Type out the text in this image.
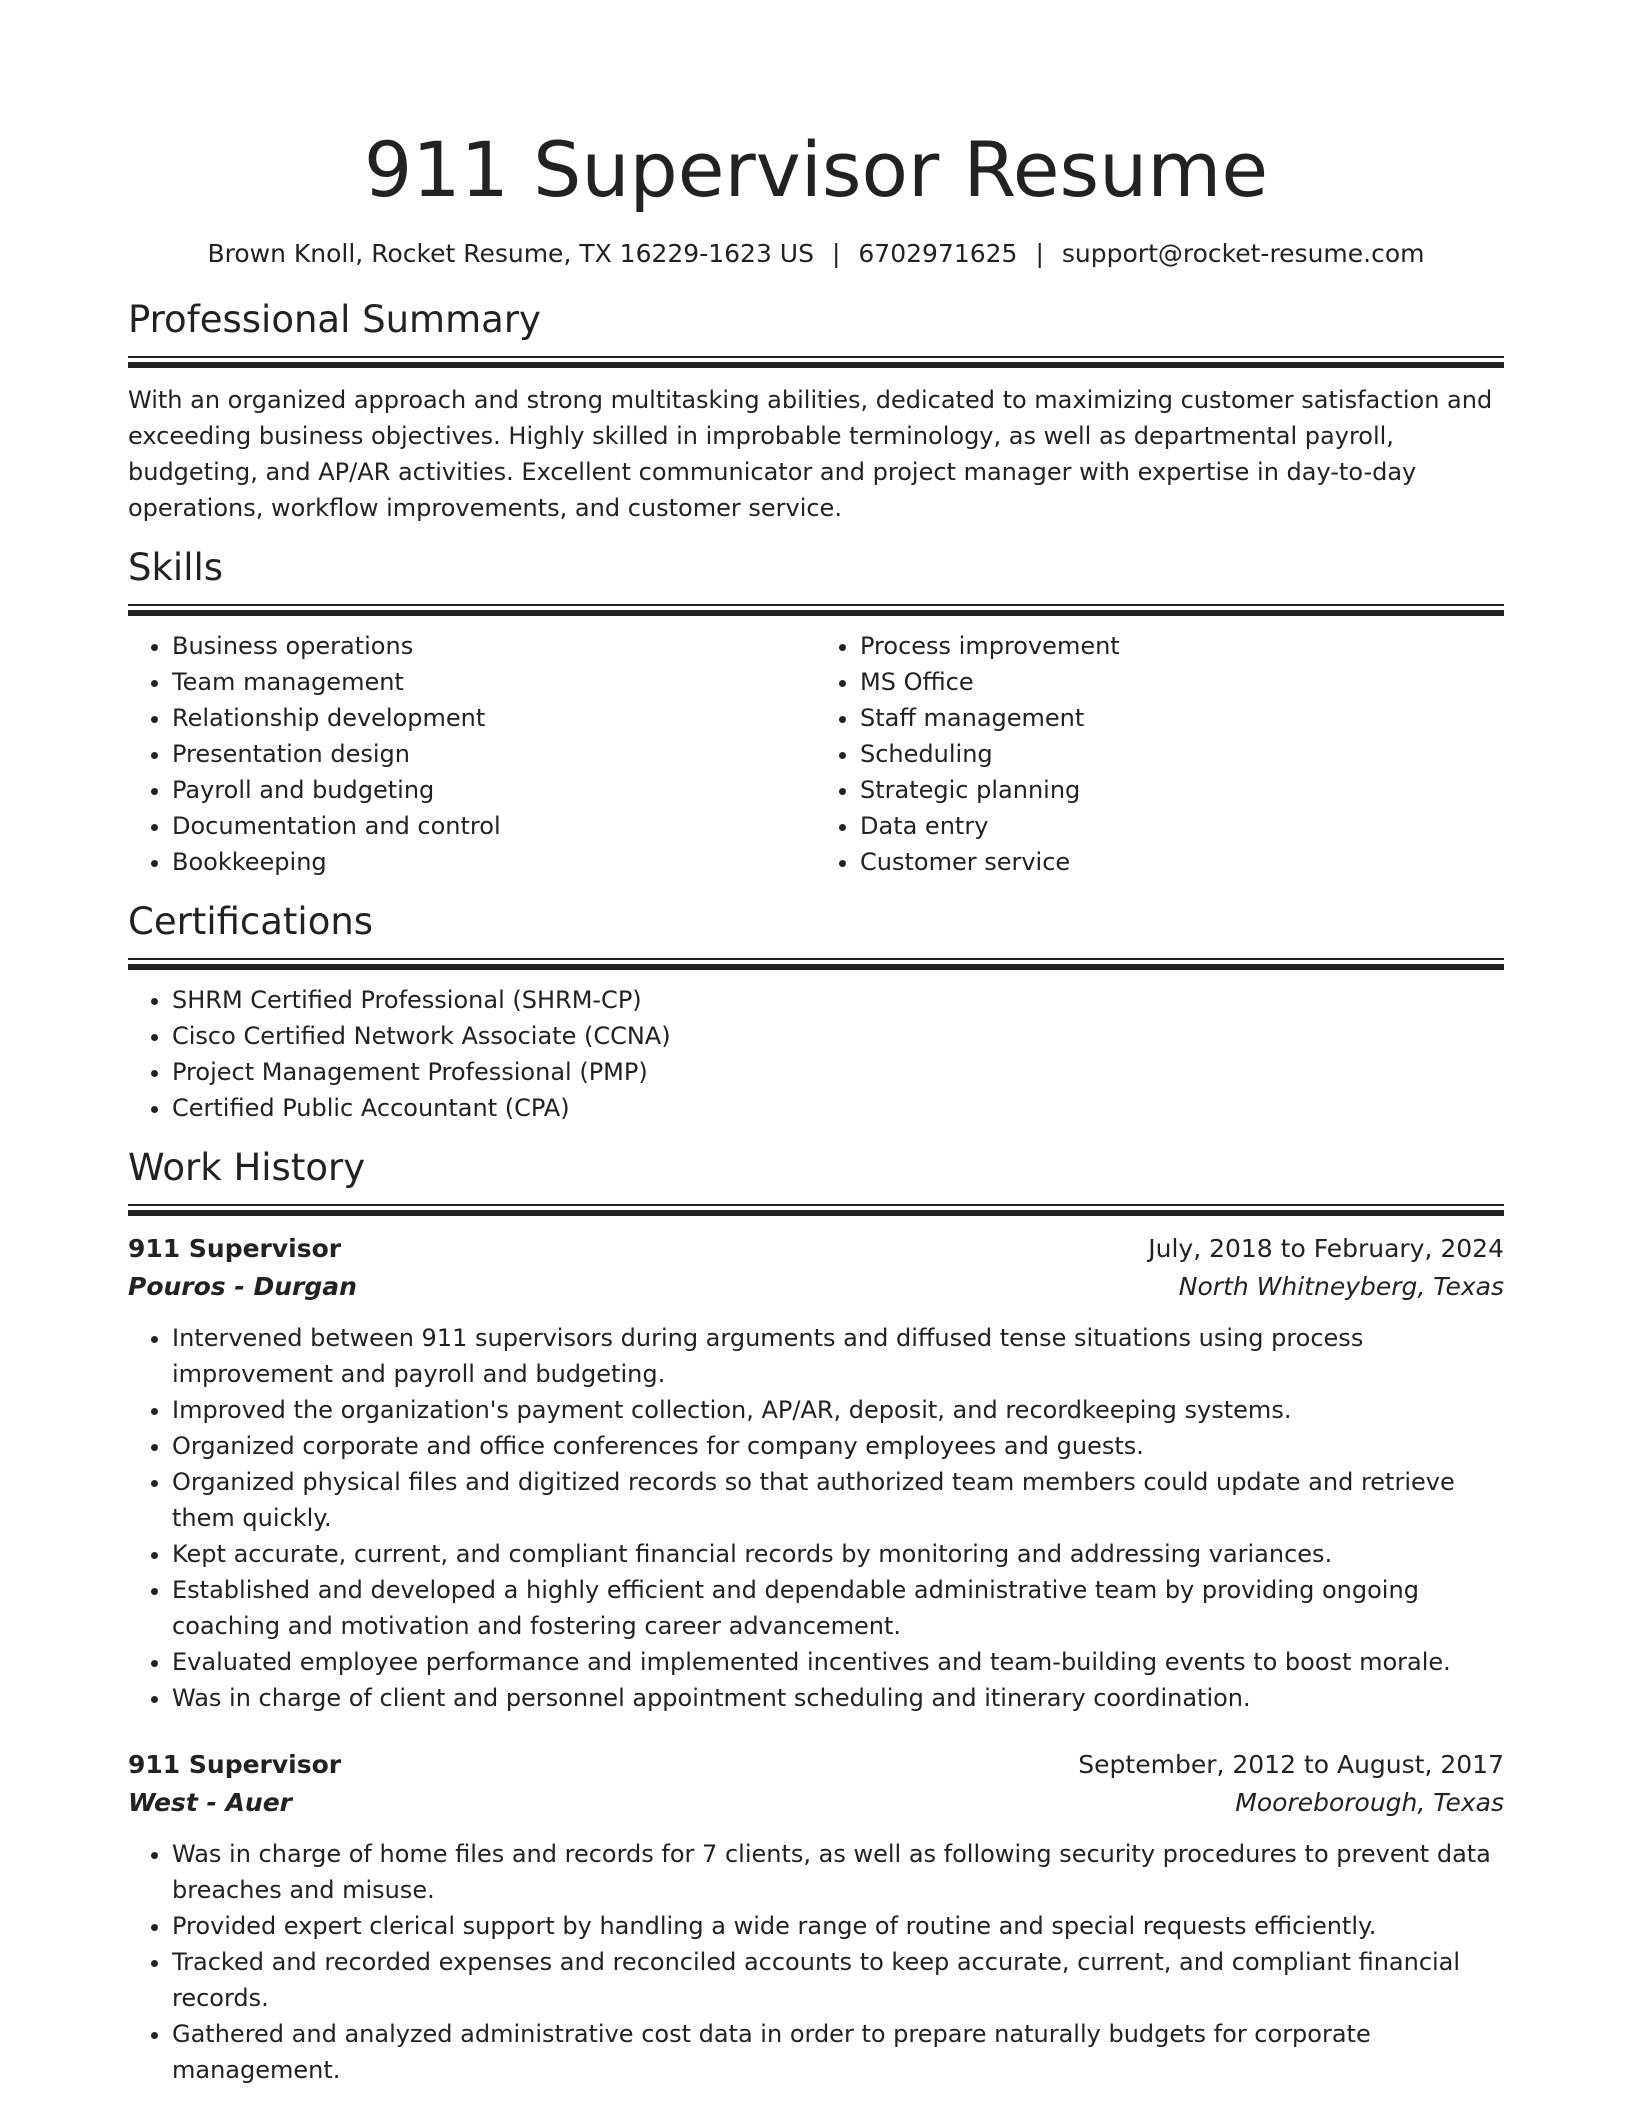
911 Supervisor Resume
Brown Knoll, Rocket Resume, TX 16229-1623 US | 6702971625 | support@rocket-resume.com
Professional Summary

With an organized approach and strong multitasking abilities, dedicated to maximizing customer satisfaction and exceeding business objectives. Highly skilled in improbable terminology, as well as departmental payroll, budgeting, and AP/AR activities. Excellent communicator and project manager with expertise in day-to-day operations, workflow improvements, and customer service.

Skills
• Business operations
• Team management
• Relationship development
• Presentation design
• Payroll and budgeting
• Documentation and control
• Bookkeeping
• Process improvement
• MS Office
• Staff management
• Scheduling
• Strategic planning
• Data entry
• Customer service
Certifications
• SHRM Certified Professional (SHRM-CP)
• Cisco Certified Network Associate (CCNA)
• Project Management Professional (PMP)
• Certified Public Accountant (CPA)
Work History
911 Supervisor	July, 2018 to February, 2024
Pouros - Durgan	North Whitneyberg, Texas
• Intervened between 911 supervisors during arguments and diffused tense situations using process improvement and payroll and budgeting.
• Improved the organization's payment collection, AP/AR, deposit, and recordkeeping systems.
• Organized corporate and office conferences for company employees and guests.
• Organized physical files and digitized records so that authorized team members could update and retrieve them quickly.
• Kept accurate, current, and compliant financial records by monitoring and addressing variances.
• Established and developed a highly efficient and dependable administrative team by providing ongoing coaching and motivation and fostering career advancement.
• Evaluated employee performance and implemented incentives and team-building events to boost morale.
• Was in charge of client and personnel appointment scheduling and itinerary coordination.
911 Supervisor	September, 2012 to August, 2017
West - Auer	Mooreborough, Texas
• Was in charge of home files and records for 7 clients, as well as following security procedures to prevent data breaches and misuse.
• Provided expert clerical support by handling a wide range of routine and special requests efficiently.
• Tracked and recorded expenses and reconciled accounts to keep accurate, current, and compliant financial records.
• Gathered and analyzed administrative cost data in order to prepare naturally budgets for corporate management.
